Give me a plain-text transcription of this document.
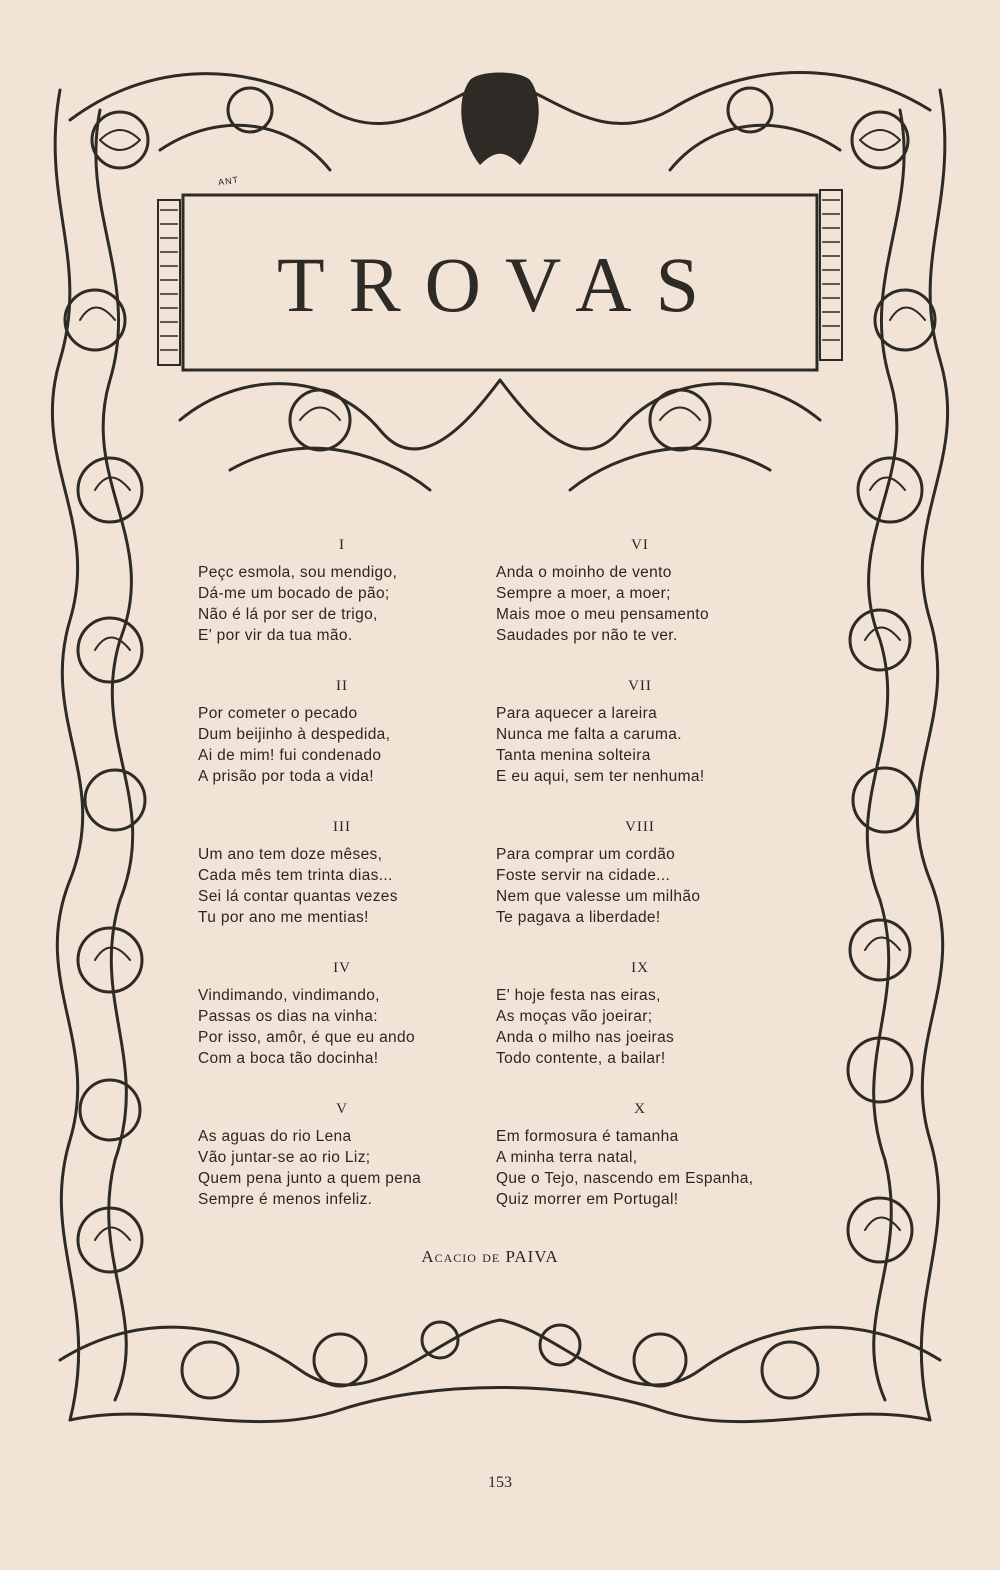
ANT
TROVAS
I
Peçc esmola, sou mendigo,
Dá-me um bocado de pão;
Não é lá por ser de trigo,
E' por vir da tua mão.
II
Por cometer o pecado
Dum beijinho à despedida,
Ai de mim! fui condenado
A prisão por toda a vida!
III
Um ano tem doze mêses,
Cada mês tem trinta dias...
Sei lá contar quantas vezes
Tu por ano me mentias!
IV
Vindimando, vindimando,
Passas os dias na vinha:
Por isso, amôr, é que eu ando
Com a boca tão docinha!
V
As aguas do rio Lena
Vão juntar-se ao rio Liz;
Quem pena junto a quem pena
Sempre é menos infeliz.
VI
Anda o moinho de vento
Sempre a moer, a moer;
Mais moe o meu pensamento
Saudades por não te ver.
VII
Para aquecer a lareira
Nunca me falta a caruma.
Tanta menina solteira
E eu aqui, sem ter nenhuma!
VIII
Para comprar um cordão
Foste servir na cidade...
Nem que valesse um milhão
Te pagava a liberdade!
IX
E' hoje festa nas eiras,
As moças vão joeirar;
Anda o milho nas joeiras
Todo contente, a bailar!
X
Em formosura é tamanha
A minha terra natal,
Que o Tejo, nascendo em Espanha,
Quiz morrer em Portugal!
Acacio de PAIVA
153
